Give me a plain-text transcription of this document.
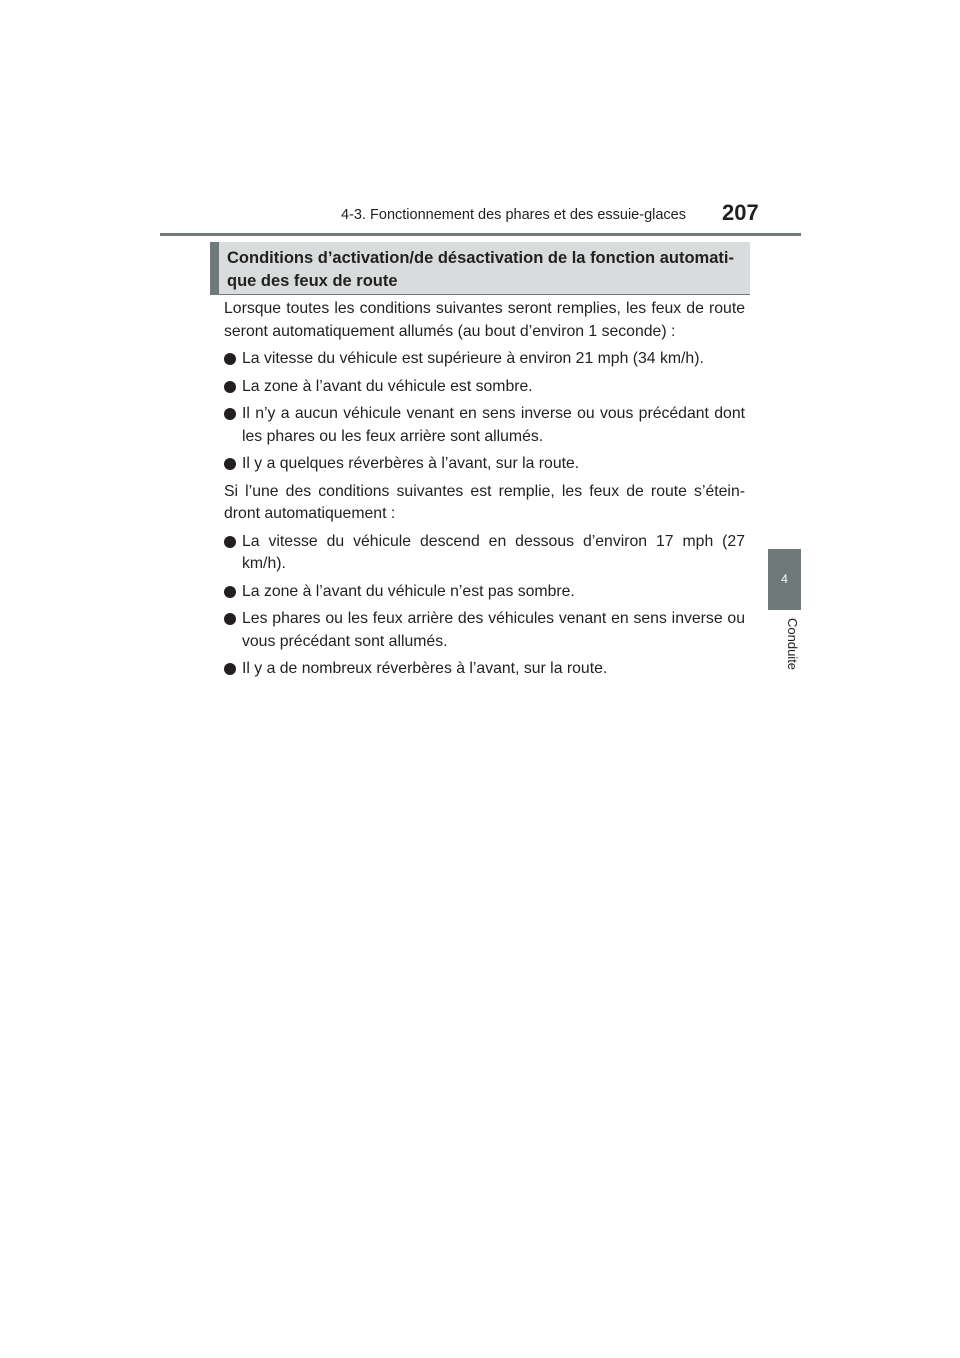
4-3. Fonctionnement des phares et des essuie-glaces 207
4
Conduite
Conditions d’activation/de désactivation de la fonction automati-que des feux de route

Lorsque toutes les conditions suivantes seront remplies, les feux de route seront automatiquement allumés (au bout d’environ 1 seconde) :

La vitesse du véhicule est supérieure à environ 21 mph (34 km/h).
La zone à l’avant du véhicule est sombre.
Il n’y a aucun véhicule venant en sens inverse ou vous précédant dont les phares ou les feux arrière sont allumés.
Il y a quelques réverbères à l’avant, sur la route.

Si l’une des conditions suivantes est remplie, les feux de route s’étein-dront automatiquement :

La vitesse du véhicule descend en dessous d’environ 17 mph (27 km/h).
La zone à l’avant du véhicule n’est pas sombre.
Les phares ou les feux arrière des véhicules venant en sens inverse ou vous précédant sont allumés.
Il y a de nombreux réverbères à l’avant, sur la route.
